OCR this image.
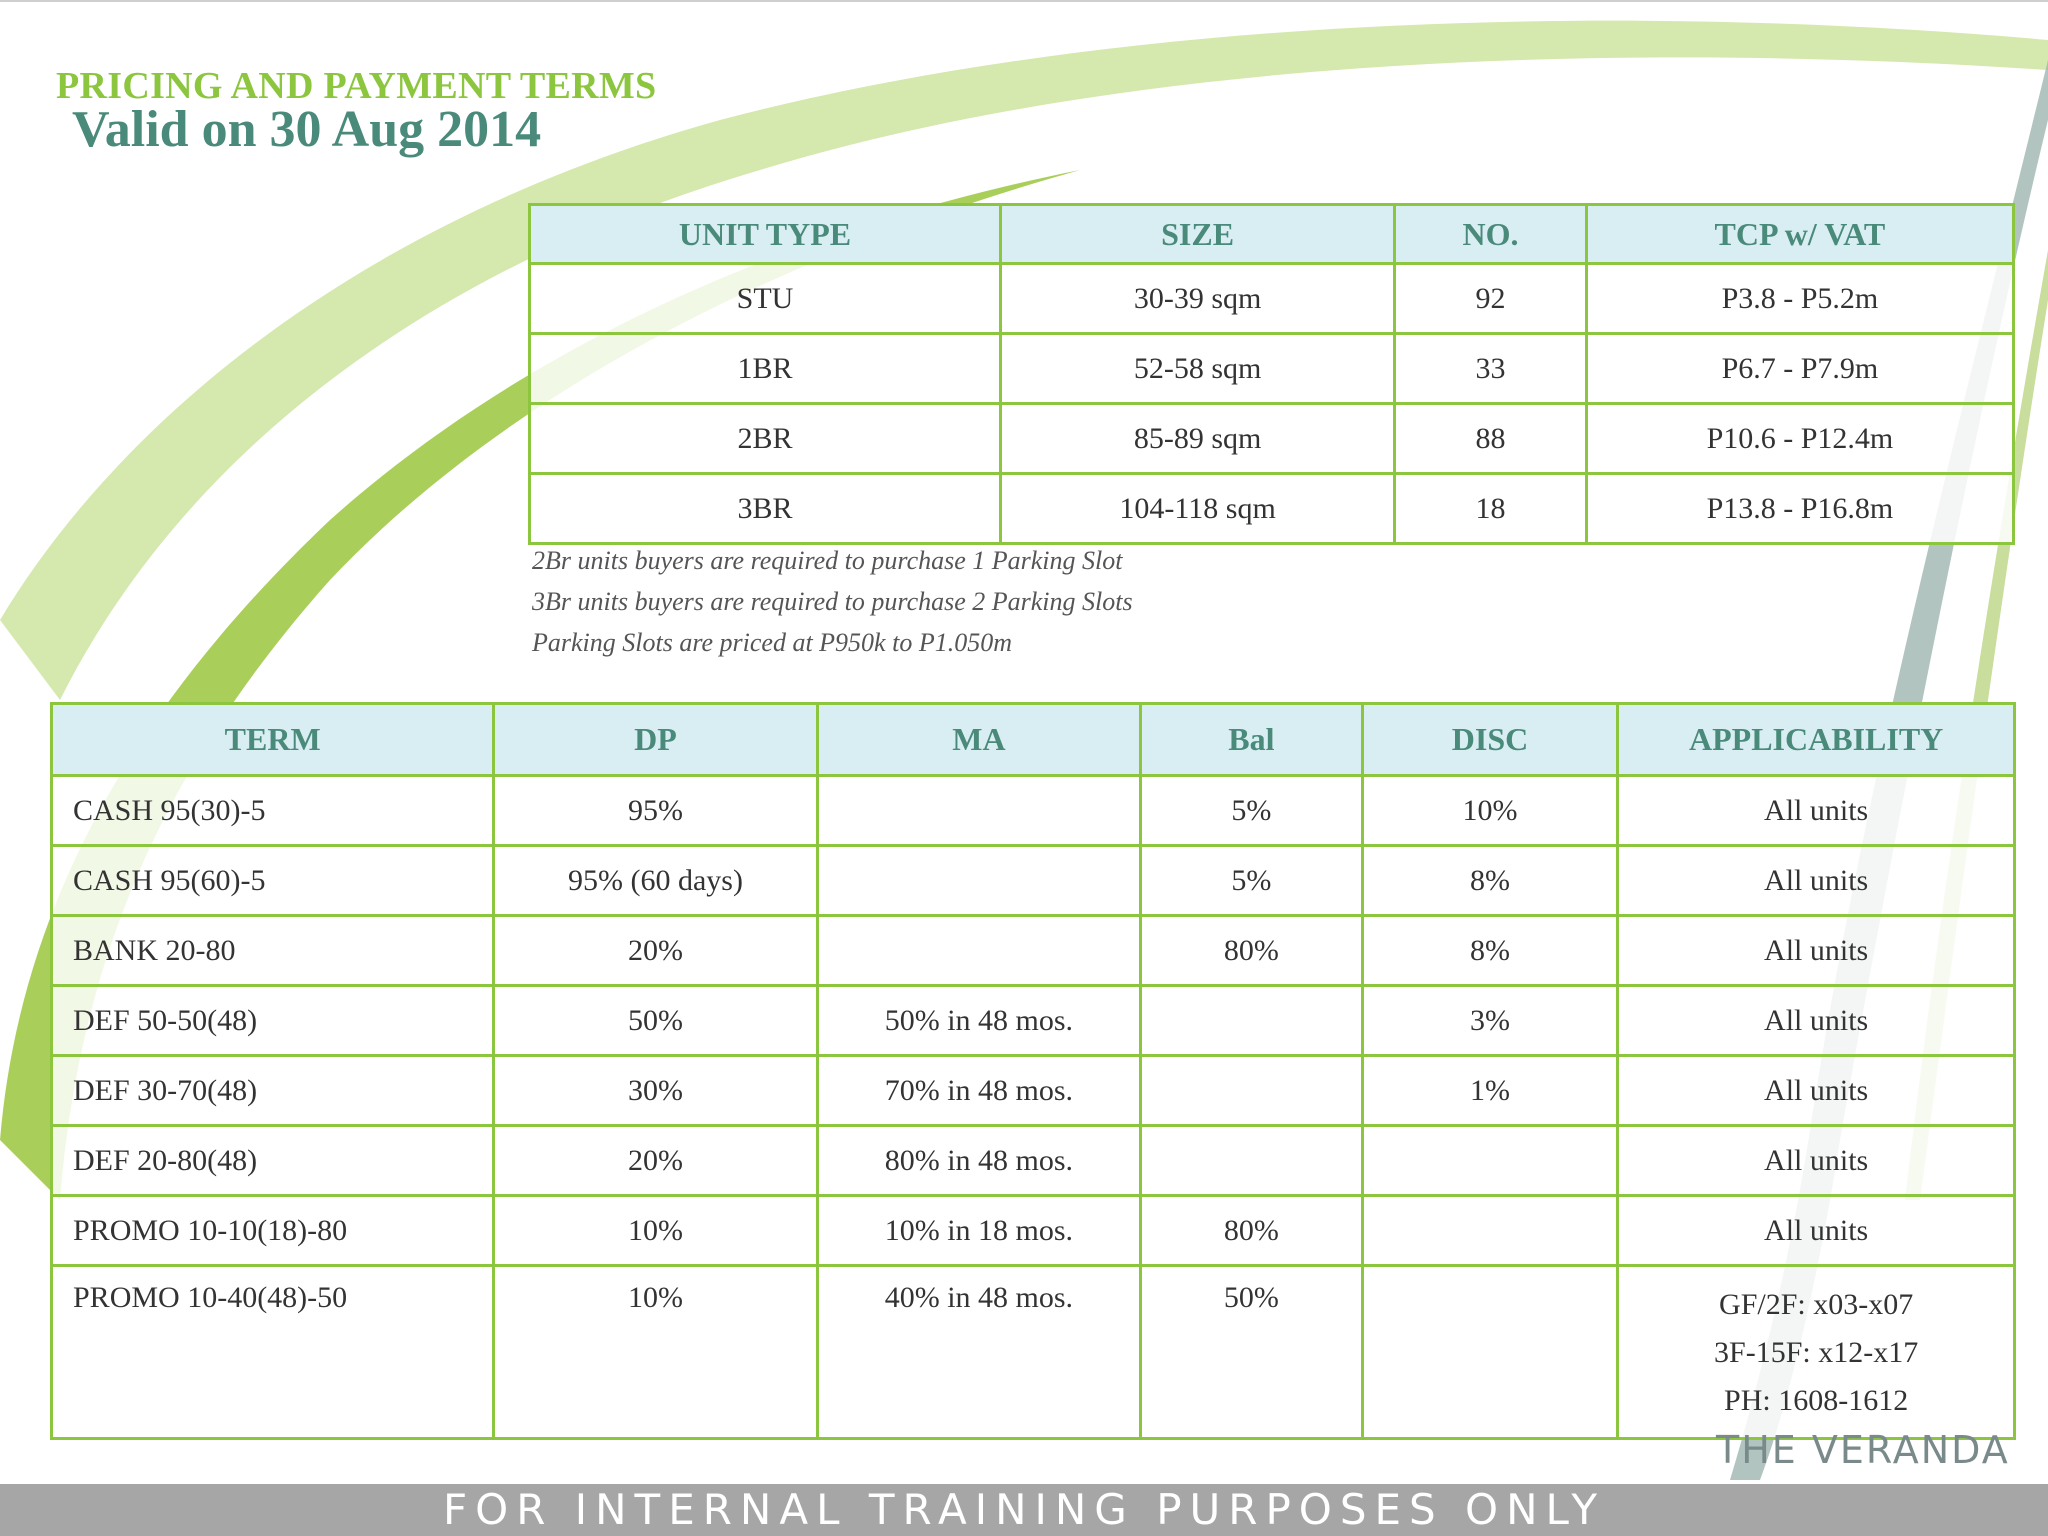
PRICING AND PAYMENT TERMS
Valid on 30 Aug 2014
UNIT TYPE	SIZE	NO.	TCP w/ VAT
STU	30-39 sqm	92	P3.8 - P5.2m
1BR	52-58 sqm	33	P6.7 - P7.9m
2BR	85-89 sqm	88	P10.6 - P12.4m
3BR	104-118 sqm	18	P13.8 - P16.8m
2Br units buyers are required to purchase 1 Parking Slot
3Br units buyers are required to purchase 2 Parking Slots
Parking Slots are priced at P950k to P1.050m
TERM	DP	MA	Bal	DISC	APPLICABILITY
CASH 95(30)-5	95%		5%	10%	All units
CASH 95(60)-5	95% (60 days)		5%	8%	All units
BANK 20-80	20%		80%	8%	All units
DEF 50-50(48)	50%	50% in 48 mos.		3%	All units
DEF 30-70(48)	30%	70% in 48 mos.		1%	All units
DEF 20-80(48)	20%	80% in 48 mos.			All units
PROMO 10-10(18)-80	10%	10% in 18 mos.	80%		All units
PROMO 10-40(48)-50	10%	40% in 48 mos.	50%		GF/2F: x03-x07
3F-15F: x12-x17
PH: 1608-1612
THE VERANDA
FOR INTERNAL TRAINING PURPOSES ONLY
